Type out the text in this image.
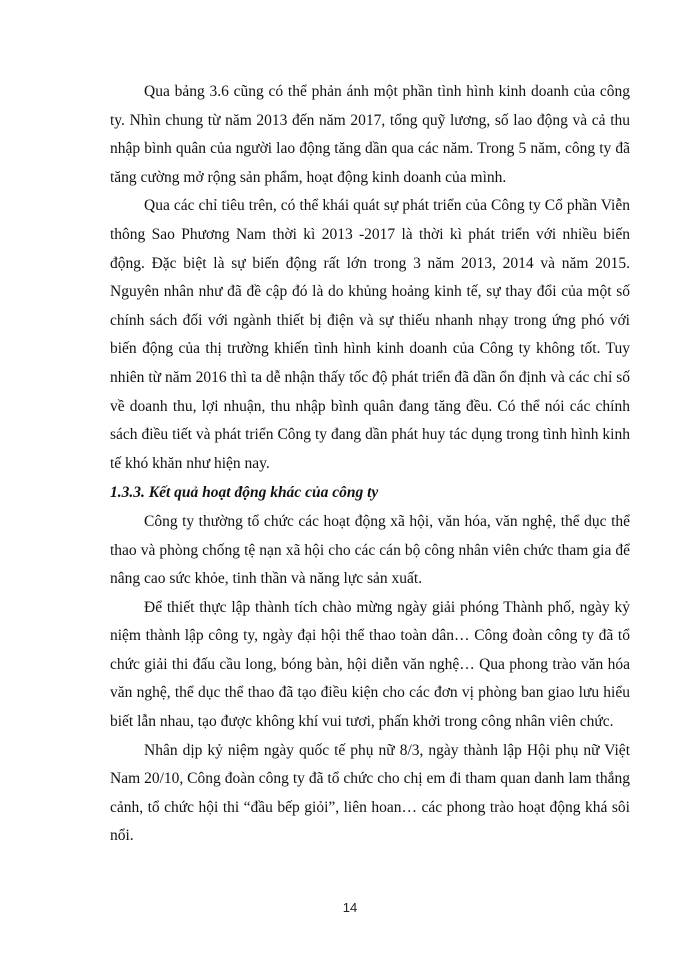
Qua bảng 3.6 cũng có thể phản ánh một phần tình hình kinh doanh của công ty. Nhìn chung từ năm 2013 đến năm 2017, tổng quỹ lương, số lao động và cả thu nhập bình quân của người lao động tăng dần qua các năm. Trong 5 năm, công ty đã tăng cường mở rộng sản phẩm, hoạt động kinh doanh của mình.

Qua các chỉ tiêu trên, có thể khái quát sự phát triển của Công ty Cổ phần Viễn thông Sao Phương Nam thời kì 2013 -2017 là thời kì phát triển với nhiều biến động. Đặc biệt là sự biến động rất lớn trong 3 năm 2013, 2014 và năm 2015. Nguyên nhân như đã đề cập đó là do khủng hoảng kinh tế, sự thay đổi của một số chính sách đối với ngành thiết bị điện và sự thiếu nhanh nhạy trong ứng phó với biến động của thị trường khiến tình hình kinh doanh của Công ty không tốt. Tuy nhiên từ năm 2016 thì ta dễ nhận thấy tốc độ phát triển đã dần ổn định và các chỉ số về doanh thu, lợi nhuận, thu nhập bình quân đang tăng đều. Có thể nói các chính sách điều tiết và phát triển Công ty đang dần phát huy tác dụng trong tình hình kinh tế khó khăn như hiện nay.

1.3.3. Kết quả hoạt động khác của công ty

Công ty thường tổ chức các hoạt động xã hội, văn hóa, văn nghệ, thể dục thể thao và phòng chống tệ nạn xã hội cho các cán bộ công nhân viên chức tham gia để nâng cao sức khỏe, tinh thần và năng lực sản xuất.

Để thiết thực lập thành tích chào mừng ngày giải phóng Thành phố, ngày kỷ niệm thành lập công ty, ngày đại hội thể thao toàn dân… Công đoàn công ty đã tổ chức giải thi đấu cầu long, bóng bàn, hội diễn văn nghệ… Qua phong trào văn hóa văn nghệ, thể dục thể thao đã tạo điều kiện cho các đơn vị phòng ban giao lưu hiểu biết lẫn nhau, tạo được không khí vui tươi, phấn khởi trong công nhân viên chức.

Nhân dịp kỷ niệm ngày quốc tế phụ nữ 8/3, ngày thành lập Hội phụ nữ Việt Nam 20/10, Công đoàn công ty đã tổ chức cho chị em đi tham quan danh lam thắng cảnh, tổ chức hội thi “đầu bếp giỏi”, liên hoan… các phong trào hoạt động khá sôi nổi.

14
